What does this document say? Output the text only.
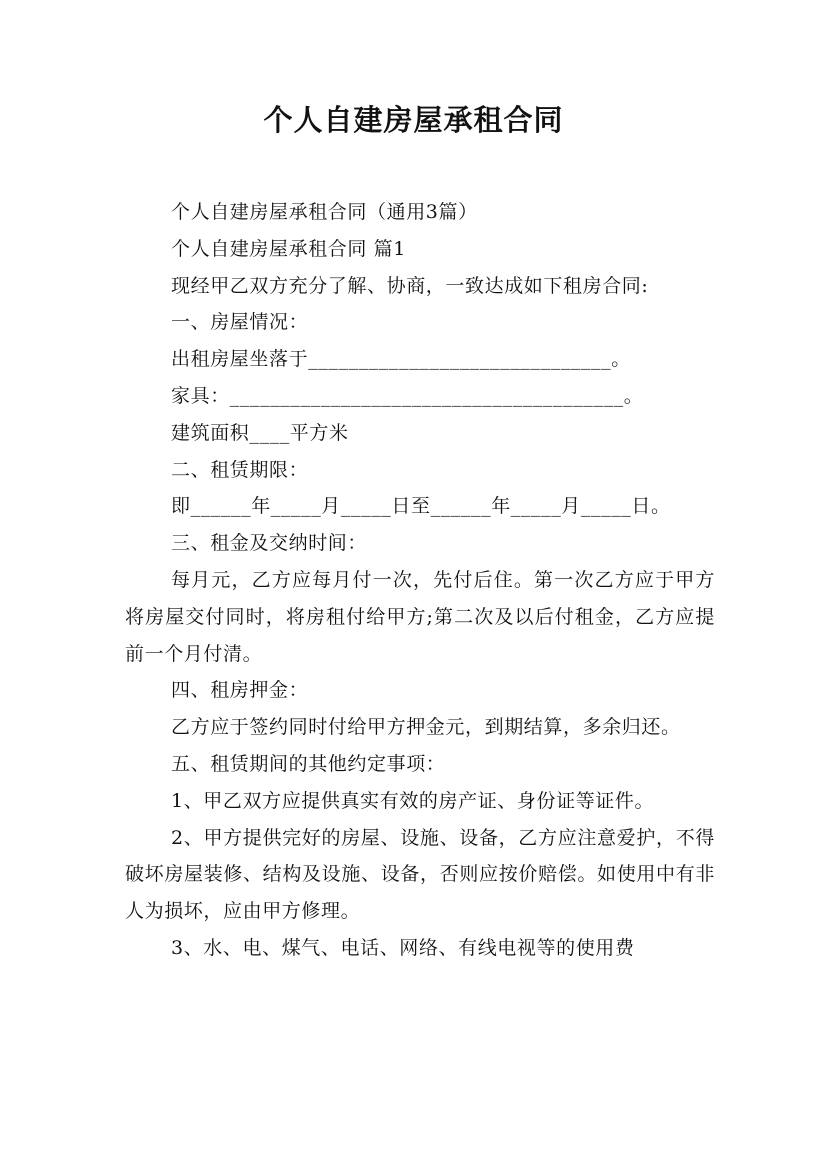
个人自建房屋承租合同

个人自建房屋承租合同（通用3篇）

个人自建房屋承租合同 篇1

现经甲乙双方充分了解、协商，一致达成如下租房合同:

一、房屋情况：

出租房屋坐落于______________________________。

家具：_______________________________________。

建筑面积____平方米

二、租赁期限：

即______年_____月_____日至______年_____月_____日。

三、租金及交纳时间：

每月元，乙方应每月付一次，先付后住。第一次乙方应于甲方将房屋交付同时，将房租付给甲方;第二次及以后付租金，乙方应提前一个月付清。

四、租房押金：

乙方应于签约同时付给甲方押金元，到期结算，多余归还。

五、租赁期间的其他约定事项：

1、甲乙双方应提供真实有效的房产证、身份证等证件。

2、甲方提供完好的房屋、设施、设备，乙方应注意爱护，不得破坏房屋装修、结构及设施、设备，否则应按价赔偿。如使用中有非人为损坏，应由甲方修理。

3、水、电、煤气、电话、网络、有线电视等的使用费
